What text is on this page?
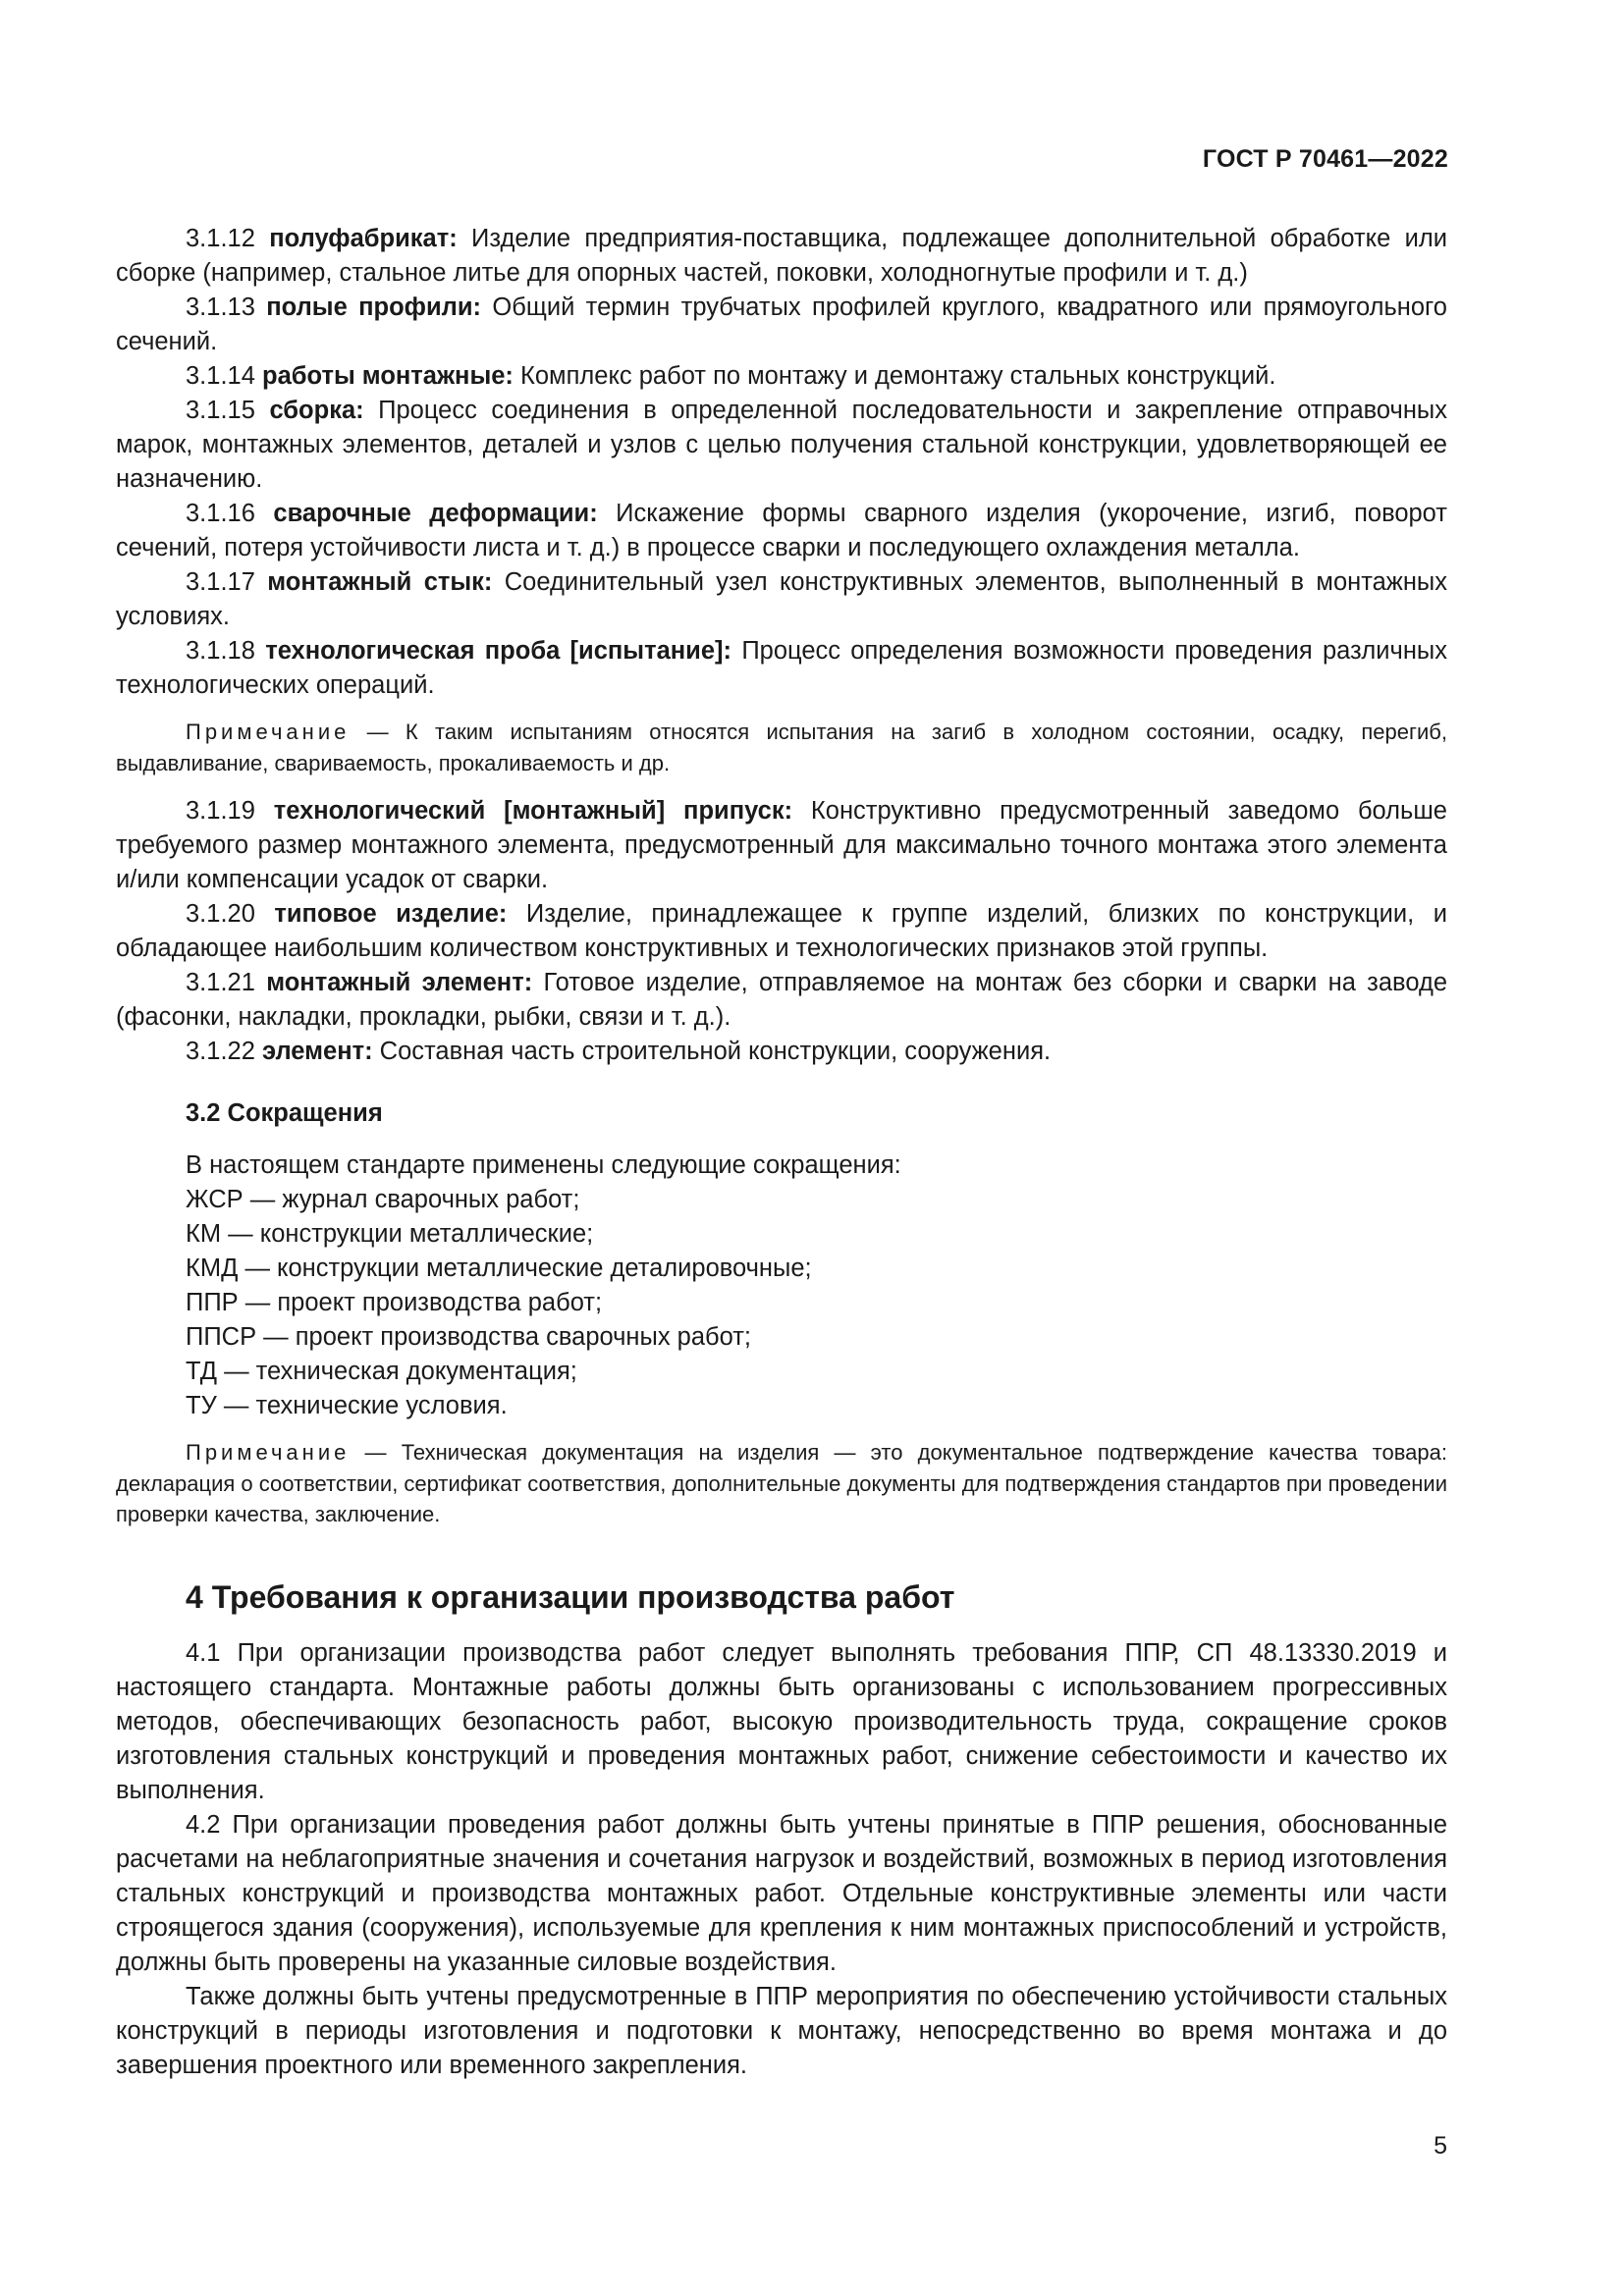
ГОСТ Р 70461—2022

3.1.12 полуфабрикат: Изделие предприятия-поставщика, подлежащее дополнительной обработке или сборке (например, стальное литье для опорных частей, поковки, холодногнутые профили и т. д.)

3.1.13 полые профили: Общий термин трубчатых профилей круглого, квадратного или прямоугольного сечений.

3.1.14 работы монтажные: Комплекс работ по монтажу и демонтажу стальных конструкций.

3.1.15 сборка: Процесс соединения в определенной последовательности и закрепление отправочных марок, монтажных элементов, деталей и узлов с целью получения стальной конструкции, удовлетворяющей ее назначению.

3.1.16 сварочные деформации: Искажение формы сварного изделия (укорочение, изгиб, поворот сечений, потеря устойчивости листа и т. д.) в процессе сварки и последующего охлаждения металла.

3.1.17 монтажный стык: Соединительный узел конструктивных элементов, выполненный в монтажных условиях.

3.1.18 технологическая проба [испытание]: Процесс определения возможности проведения различных технологических операций.

Примечание — К таким испытаниям относятся испытания на загиб в холодном состоянии, осадку, перегиб, выдавливание, свариваемость, прокаливаемость и др.

3.1.19 технологический [монтажный] припуск: Конструктивно предусмотренный заведомо больше требуемого размер монтажного элемента, предусмотренный для максимально точного монтажа этого элемента и/или компенсации усадок от сварки.

3.1.20 типовое изделие: Изделие, принадлежащее к группе изделий, близких по конструкции, и обладающее наибольшим количеством конструктивных и технологических признаков этой группы.

3.1.21 монтажный элемент: Готовое изделие, отправляемое на монтаж без сборки и сварки на заводе (фасонки, накладки, прокладки, рыбки, связи и т. д.).

3.1.22 элемент: Составная часть строительной конструкции, сооружения.

3.2 Сокращения

В настоящем стандарте применены следующие сокращения:

ЖСР — журнал сварочных работ;

КМ — конструкции металлические;

КМД — конструкции металлические деталировочные;

ППР — проект производства работ;

ППСР — проект производства сварочных работ;

ТД — техническая документация;

ТУ — технические условия.

Примечание — Техническая документация на изделия — это документальное подтверждение качества товара: декларация о соответствии, сертификат соответствия, дополнительные документы для подтверждения стандартов при проведении проверки качества, заключение.

4 Требования к организации производства работ

4.1 При организации производства работ следует выполнять требования ППР, СП 48.13330.2019 и настоящего стандарта. Монтажные работы должны быть организованы с использованием прогрессивных методов, обеспечивающих безопасность работ, высокую производительность труда, сокращение сроков изготовления стальных конструкций и проведения монтажных работ, снижение себестоимости и качество их выполнения.

4.2 При организации проведения работ должны быть учтены принятые в ППР решения, обоснованные расчетами на неблагоприятные значения и сочетания нагрузок и воздействий, возможных в период изготовления стальных конструкций и производства монтажных работ. Отдельные конструктивные элементы или части строящегося здания (сооружения), используемые для крепления к ним монтажных приспособлений и устройств, должны быть проверены на указанные силовые воздействия.

Также должны быть учтены предусмотренные в ППР мероприятия по обеспечению устойчивости стальных конструкций в периоды изготовления и подготовки к монтажу, непосредственно во время монтажа и до завершения проектного или временного закрепления.

5
